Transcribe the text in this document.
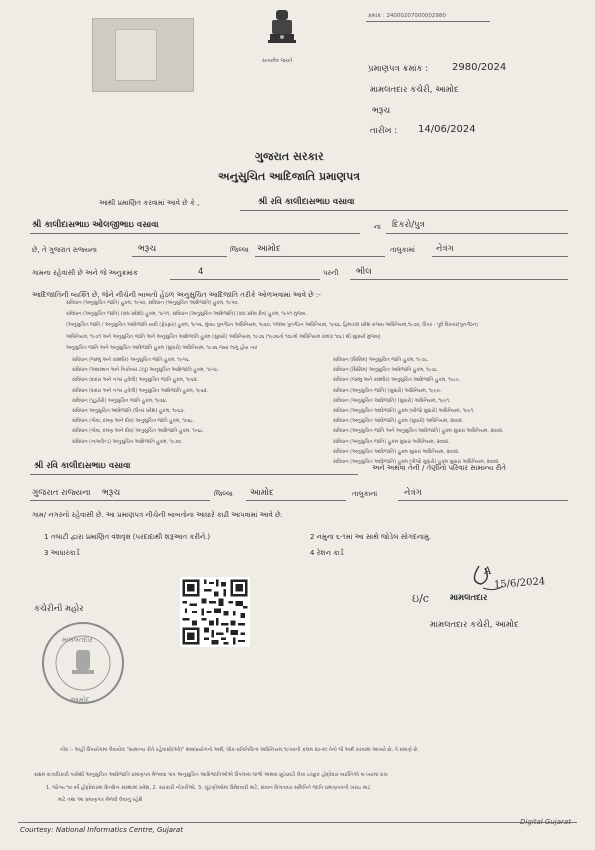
સત્યમેવ જયતે
ક્રમાંક : 24000207000002980
પ્રમાણપત્ર ક્રમાંક : 2980/2024
મામલતદાર કચેરી, આમોદ
ભરૂચ
તારીખ : 14/06/2024
ગુજરાત સરકાર
અનુસુચિત આદિજાતિ પ્રમાણપત્ર
આથી પ્રમાણિત કરવામાં આવે છે કે ,	શ્રી રવિ કાલીદાસભાઇ વસાવા
શ્રી કાલીદાસભાઇ ઓલજીભાઇ વસાવા	ના દિકરો/પુત્ર
છે, તે ગુજરાત રાજ્યના	ભરૂચ	જિલ્લા આમોદ	તાલુકામાં નેત્રંગ
ગામના રહેવાસી છે અને જે અનુક્રમાંક	4	પરની ભીલ
આદિજાતિની વ્યક્તિ છે, જેને નીચેની બાબતો હેઠળ અનુસુચિત આદિજાતિ તરીકે ઓળખવામાં આવે છે :-
સંવિધાન (અનુસુચિત જાતિ) હુકમ, ૧૯૫૦, સંવિધાન (અનુસુચિત આદિજાતિ) હુકમ, ૧૯૫૦.
સંવિધાન (અનુસુચિત જાતિ) (સંઘ પ્રદેશો) હુકમ, ૧૯૫૧, સંવિધાન (અનુસુચિત આદિજાતિ) (સંઘ પ્રદેશ ક્ષેત્ર) હુકમ, ૧૯૫૧ મુજબ.
(અનુસુચિત જાતિ / અનુસુચિત આદિજાતિ યાદી (ફેરફાર) હુકમ, ૧૯૫૬, મુંબઇ પુનર્ગઠન અધિનિયમ, ૧૯૬૦, પંજાબ પુનર્ગઠન અધિનિયમ, ૧૯૬૬, હિમાચલ પ્રદેશ રાજ્ય અધિનિયમ,૧૯૭૦, ઉત્તર - પૂર્વ વિસ્તાર(પુનર્ગઠન)
અધિનિયમ, ૧૯૭૧ અને અનુસુચિત જાતિ અને અનુસુચિત આદિજાતિ હુકમ (સુધારો) અધિનિયમ, ૧૯૭૬ (૧૯૭૬નો ૧૦૮મો અધિનિયમ ક્રમાંક ૧૦૮) થી સુધાર્યા મુજબ)
અનુસુચિત જાતિ અને અનુસુચિત આદિજાતિ હુકમ (સુધારો) અધિનિયમ, ૧૯૭૬ જ્યાં લાગુ હોય ત્યાં
સંવિધાન (જમ્મુ અને કાશ્મીર) અનુસુચિત જાતિ હુકમ, ૧૯૫૬.
સંવિધાન (આંદામાન અને નિકોબાર ટાપુ) અનુસુચિત આદિજાતિ હુકમ, ૧૯૫૯.
સંવિધાન (દાદરા અને નગર હવેલી) અનુસુચિત જાતિ હુકમ, ૧૯૬૨.
સંવિધાન (દાદરા અને નગર હવેલી) અનુસુચિત આદિજાતિ હુકમ, ૧૯૬૨.
સંવિધાન (પુડુચેરી) અનુસુચિત જાતિ હુકમ, ૧૯૬૪.
સંવિધાન અનુસુચિત આદિજાતિ (ઉત્તર પ્રદેશ) હુકમ, ૧૯૬૭.
સંવિધાન (ગોવા, દમણ અને દીવ) અનુસુચિત જાતિ હુકમ, ૧૯૬૮.
સંવિધાન (ગોવા, દમણ અને દીવ) અનુસુચિત આદિજાતિ હુકમ, ૧૯૬૮.
સંવિધાન (નાગાલેન્ડ) અનુસુચિત આદિજાતિ હુકમ, ૧૯૭૦.
સંવિધાન (સિક્કિમ) અનુસુચિત જાતિ હુકમ, ૧૯૭૮.
સંવિધાન (સિક્કિમ) અનુસુચિત આદિજાતિ હુકમ, ૧૯૭૮.
સંવિધાન (જમ્મુ અને કાશ્મીર) અનુસુચિત આદિજાતિ હુકમ, ૧૯૮૯.
સંવિધાન (અનુસુચિત જાતિ) (સુધારો) અધિનિયમ, ૧૯૯૦.
સંવિધાન (અનુસુચિત આદિજાતિ) (સુધારો) અધિનિયમ, ૧૯૯૧.
સંવિધાન (અનુસુચિત આદિજાતિ) હુકમ (બીજો સુધારો) અધિનિયમ, ૧૯૯૧.
સંવિધાન (અનુસુચિત આદિજાતિ) હુકમ (સુધારો) અધિનિયમ, ૨૦૦૨.
સંવિધાન (અનુસુચિત જાતિ અને અનુસુચિત આદિજાતિ) હુકમ સુધારા અધિનિયમ, ૨૦૦૨.
સંવિધાન (અનુસુચિત જાતિ) હુકમ સુધારા અધિનિયમ, ૨૦૦૨.
સંવિધાન (અનુસુચિત આદિજાતિ) હુકમ સુધારા અધિનિયમ, ૨૦૦૨.
સંવિધાન (અનુસુચિત આદિજાતિ) હુકમ (ત્રીજો સુધારો) હુકમ સુધારા અધિનિયમ, ૨૦૦૨.
શ્રી રવિ કાલીદાસભાઇ વસાવા	અને અથવા તેની / તેણીનો પરિવાર સામાન્ય રીતે
ગુજરાત રાજ્યના ભરૂચ	જિલ્લા આમોદ	તાલુકાના	નેત્રંગ
ગામ/ નગરનો રહેવાસી છે. આ પ્રમાણપત્ર નીચેની બાબતોના આધારે કાઢી આપવામાં આવે છે.
1 તલાટી દ્વારા પ્રમાણિત વંશવૃક્ષ (પરદાદાથી શરૂઆત કરીને.)	2 નમુના ૬-૧માં આ સાથે જોડેલ સોગંદનામુ.
3 આધારકાર્ડ	4 રેશન કાર્ડ
A
15/6/2024
ઇ/c મામલતદાર
મામલતદાર કચેરી, આમોદ
કચેરીની મહોર
મામલતદાર
આમોદ
નોંધ :- અહીં ઉપયોગમાં લેવાયેલ "સામાન્ય રીતે રહેવાસી(ઓ)" શબ્દપ્રયોગનો અર્થ, લોક-પ્રતિનિધિત્વ અધિનિયમ,૧૯૫૦ની કલમ ૨૦-માં તેનો જે અર્થ કરવામાં આવ્યો છે, તે પ્રમાણે છે.
સક્ષમ સત્તાધિકારી પાસેથી અનુસુચિત આદિજાતિ પ્રમાણપત્ર મેળવવા પાત્ર અનુસુચિત આદિજાતિઓએ ઉપલબ્ધ લાભો અથવા છૂટછાટો લેવા ઇચ્છુક હોદ્દેદાર વ્યક્તિએ બ ધ્યામાં રાખ
1. જોગ્ય ૧૦ વર્ષે હોદ્દેદારમાં દિનદિન સંસ્થામાં પ્રવેશ, 2. સરકારી નોકરીઓ, 3. ચૂંટણીઓમાં ઉમેદવારી માટે, સંવાન વિગતવાર સમિતિને જાતિ પ્રમાણપત્રની ખરાઇ માટ
માટે તથા આ પ્રમાણપત્ર મેળવી લેવાનું રહેશે
Courtesy: National Informatics Centre, Gujarat
Digital Gujarat
